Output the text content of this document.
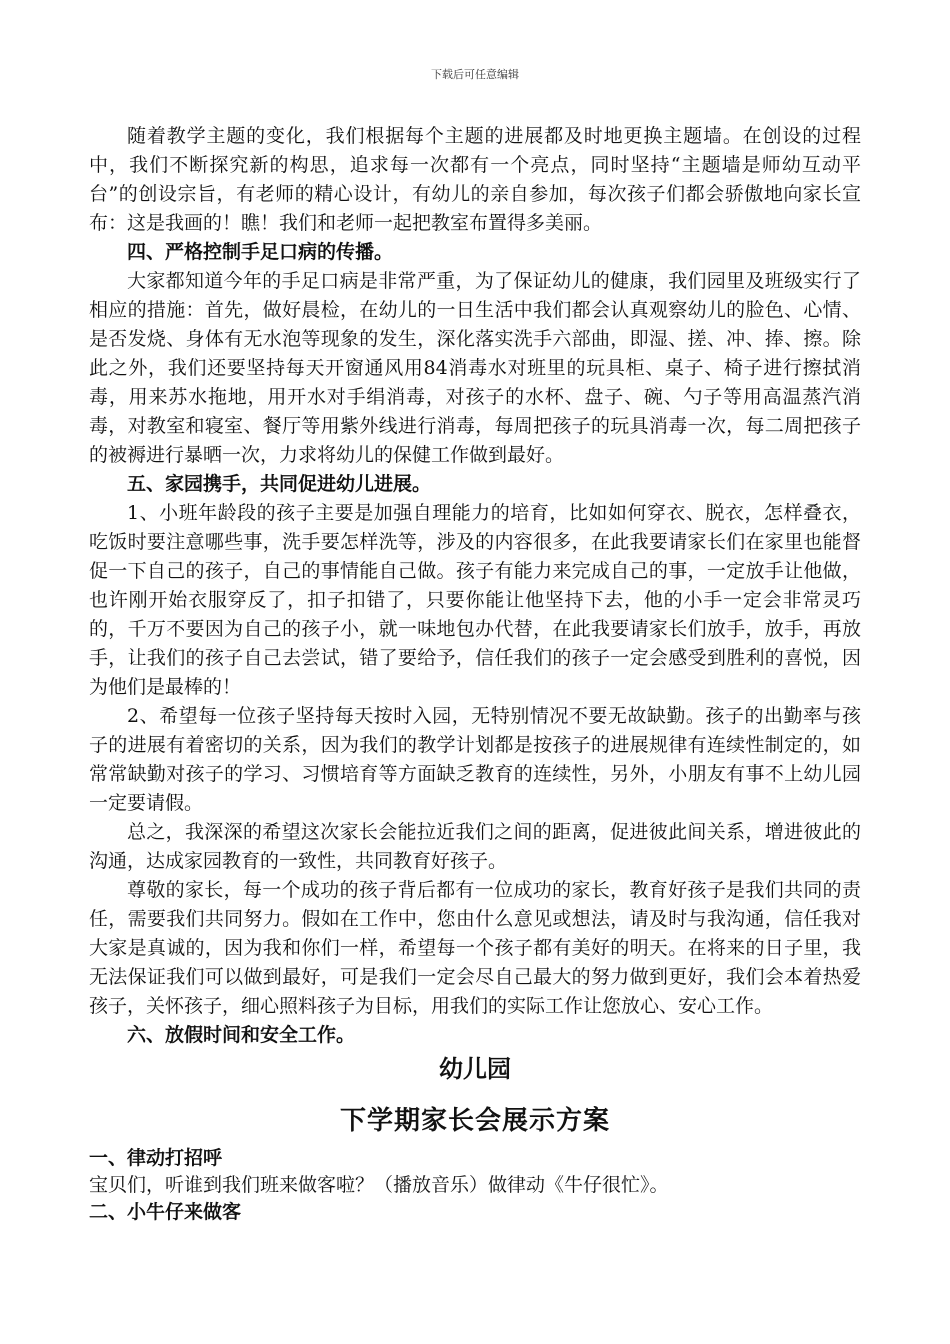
下载后可任意编辑

随着教学主题的变化，我们根据每个主题的进展都及时地更换主题墙。在创设的过程中，我们不断探究新的构思，追求每一次都有一个亮点，同时坚持“主题墙是师幼互动平台”的创设宗旨，有老师的精心设计，有幼儿的亲自参加，每次孩子们都会骄傲地向家长宣布：这是我画的！瞧！我们和老师一起把教室布置得多美丽。

四、严格控制手足口病的传播。

大家都知道今年的手足口病是非常严重，为了保证幼儿的健康，我们园里及班级实行了相应的措施：首先，做好晨检，在幼儿的一日生活中我们都会认真观察幼儿的脸色、心情、是否发烧、身体有无水泡等现象的发生，深化落实洗手六部曲，即湿、搓、冲、捧、擦。除此之外，我们还要坚持每天开窗通风用84消毒水对班里的玩具柜、桌子、椅子进行擦拭消毒，用来苏水拖地，用开水对手绢消毒，对孩子的水杯、盘子、碗、勺子等用高温蒸汽消毒，对教室和寝室、餐厅等用紫外线进行消毒，每周把孩子的玩具消毒一次，每二周把孩子的被褥进行暴晒一次，力求将幼儿的保健工作做到最好。

五、家园携手，共同促进幼儿进展。

1、小班年龄段的孩子主要是加强自理能力的培育，比如如何穿衣、脱衣，怎样叠衣，吃饭时要注意哪些事，洗手要怎样洗等，涉及的内容很多，在此我要请家长们在家里也能督促一下自己的孩子，自己的事情能自己做。孩子有能力来完成自己的事，一定放手让他做，也许刚开始衣服穿反了，扣子扣错了，只要你能让他坚持下去，他的小手一定会非常灵巧的，千万不要因为自己的孩子小，就一味地包办代替，在此我要请家长们放手，放手，再放手，让我们的孩子自己去尝试，错了要给予，信任我们的孩子一定会感受到胜利的喜悦，因为他们是最棒的！

2、希望每一位孩子坚持每天按时入园，无特别情况不要无故缺勤。孩子的出勤率与孩子的进展有着密切的关系，因为我们的教学计划都是按孩子的进展规律有连续性制定的，如常常缺勤对孩子的学习、习惯培育等方面缺乏教育的连续性，另外，小朋友有事不上幼儿园一定要请假。

总之，我深深的希望这次家长会能拉近我们之间的距离，促进彼此间关系，增进彼此的沟通，达成家园教育的一致性，共同教育好孩子。

尊敬的家长，每一个成功的孩子背后都有一位成功的家长，教育好孩子是我们共同的责任，需要我们共同努力。假如在工作中，您由什么意见或想法，请及时与我沟通，信任我对大家是真诚的，因为我和你们一样，希望每一个孩子都有美好的明天。在将来的日子里，我无法保证我们可以做到最好，可是我们一定会尽自己最大的努力做到更好，我们会本着热爱孩子，关怀孩子，细心照料孩子为目标，用我们的实际工作让您放心、安心工作。

六、放假时间和安全工作。

幼儿园
下学期家长会展示方案

一、律动打招呼

宝贝们，听谁到我们班来做客啦？（播放音乐）做律动《牛仔很忙》。

二、小牛仔来做客
